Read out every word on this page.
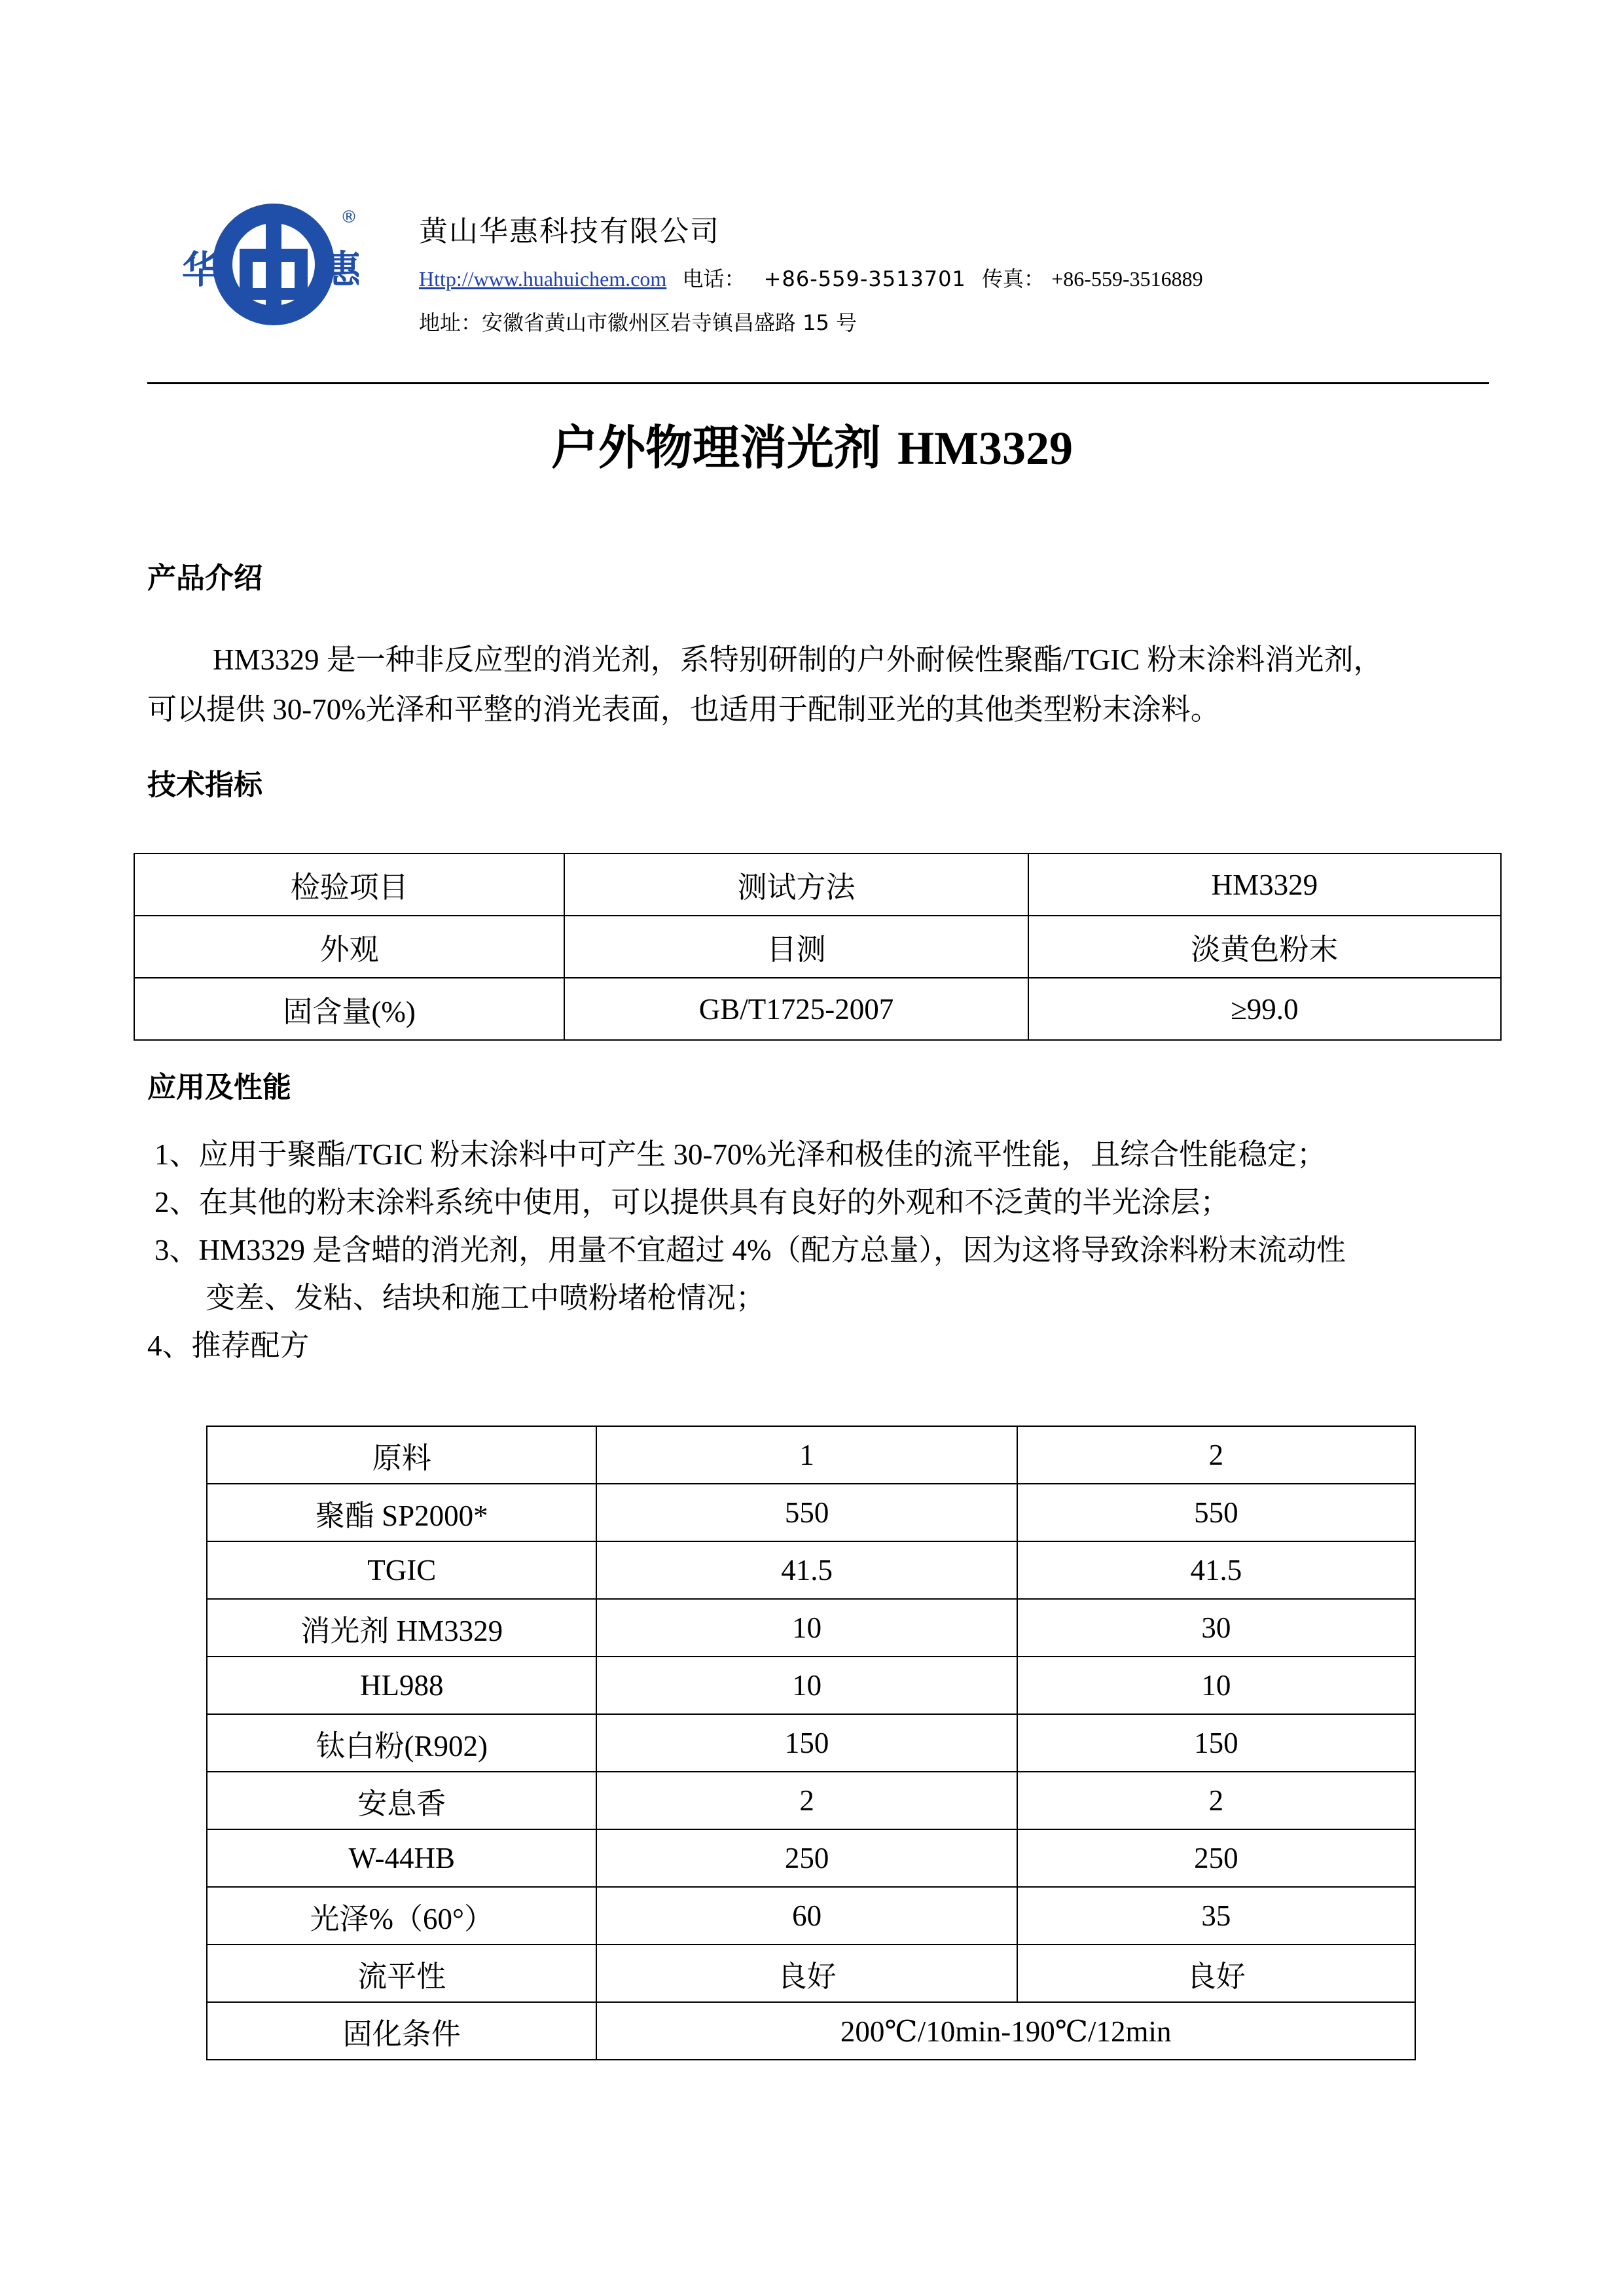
华	惠
® 黄山华惠科技有限公司
Http://www.huahuichem.com 电话： +86-559-3513701 传真： +86-559-3516889
地址：安徽省黄山市徽州区岩寺镇昌盛路 15 号
户外物理消光剂 HM3329
产品介绍
HM3329 是一种非反应型的消光剂，系特别研制的户外耐候性聚酯/TGIC 粉末涂料消光剂，
可以提供 30-70%光泽和平整的消光表面，也适用于配制亚光的其他类型粉末涂料。
技术指标
检验项目	测试方法	HM3329
外观	目测	淡黄色粉末
固含量(%)	GB/T1725-2007	≥99.0
应用及性能
1、应用于聚酯/TGIC 粉末涂料中可产生 30-70%光泽和极佳的流平性能，且综合性能稳定；
2、在其他的粉末涂料系统中使用，可以提供具有良好的外观和不泛黄的半光涂层；
3、HM3329 是含蜡的消光剂，用量不宜超过 4%（配方总量），因为这将导致涂料粉末流动性
变差、发粘、结块和施工中喷粉堵枪情况；
4、推荐配方
原料	1	2
聚酯 SP2000*	550	550
TGIC	41.5	41.5
消光剂 HM3329	10	30
HL988	10	10
钛白粉(R902)	150	150
安息香	2	2
W-44HB	250	250
光泽%（60°）	60	35
流平性	良好	良好
固化条件	200℃/10min-190℃/12min	
